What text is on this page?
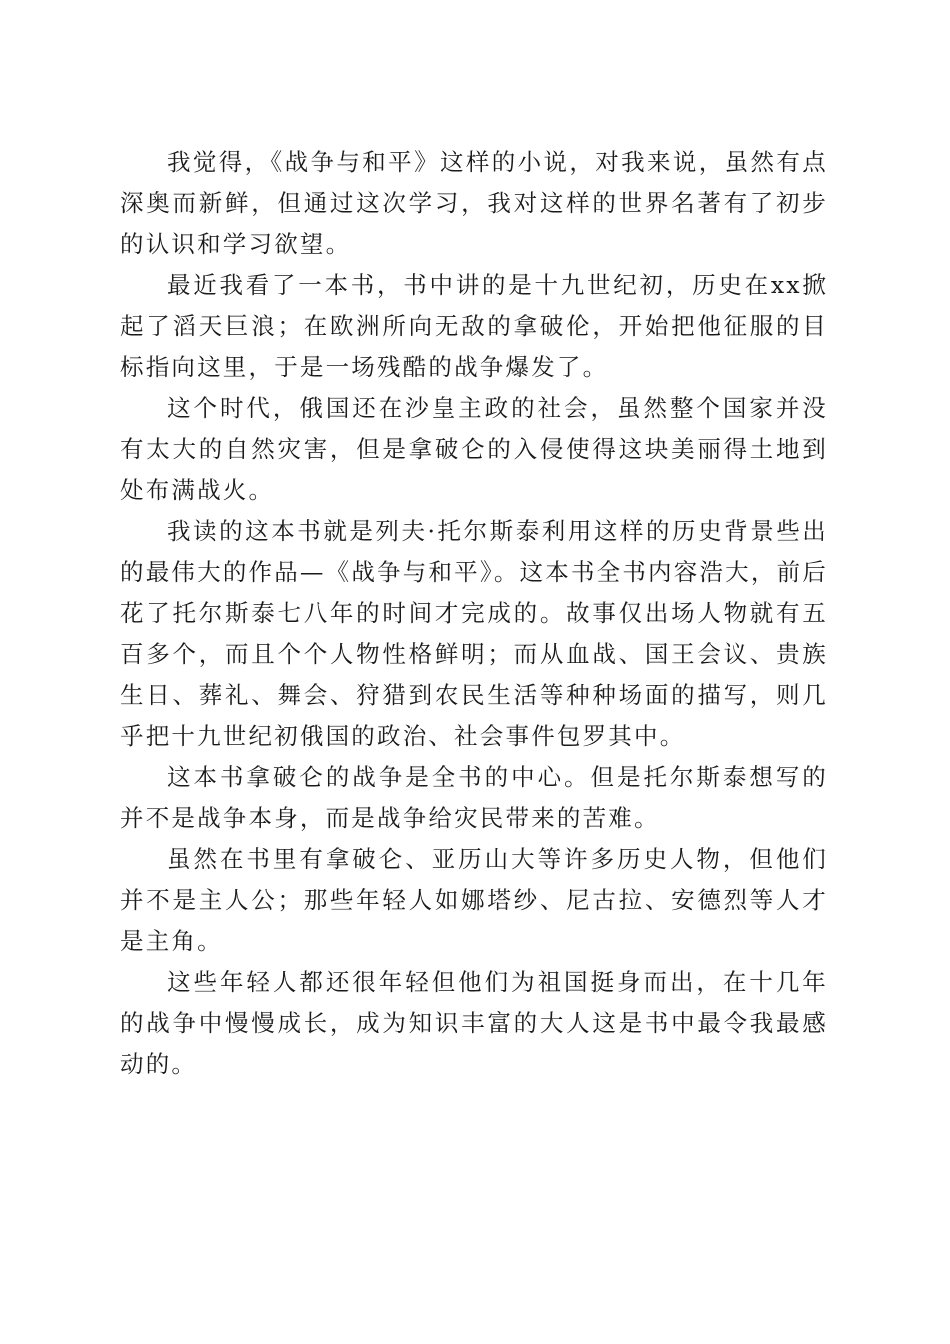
我觉得，《战争与和平》这样的小说，对我来说，虽然有点深奥而新鲜，但通过这次学习，我对这样的世界名著有了初步的认识和学习欲望。

最近我看了一本书，书中讲的是十九世纪初，历史在xx掀起了滔天巨浪；在欧洲所向无敌的拿破伦，开始把他征服的目标指向这里，于是一场残酷的战争爆发了。

这个时代，俄国还在沙皇主政的社会，虽然整个国家并没有太大的自然灾害，但是拿破仑的入侵使得这块美丽得土地到处布满战火。

我读的这本书就是列夫·托尔斯泰利用这样的历史背景些出的最伟大的作品—《战争与和平》。这本书全书内容浩大，前后花了托尔斯泰七八年的时间才完成的。故事仅出场人物就有五百多个，而且个个人物性格鲜明；而从血战、国王会议、贵族生日、葬礼、舞会、狩猎到农民生活等种种场面的描写，则几乎把十九世纪初俄国的政治、社会事件包罗其中。

这本书拿破仑的战争是全书的中心。但是托尔斯泰想写的并不是战争本身，而是战争给灾民带来的苦难。

虽然在书里有拿破仑、亚历山大等许多历史人物，但他们并不是主人公；那些年轻人如娜塔纱、尼古拉、安德烈等人才是主角。

这些年轻人都还很年轻但他们为祖国挺身而出，在十几年的战争中慢慢成长，成为知识丰富的大人这是书中最令我最感动的。
